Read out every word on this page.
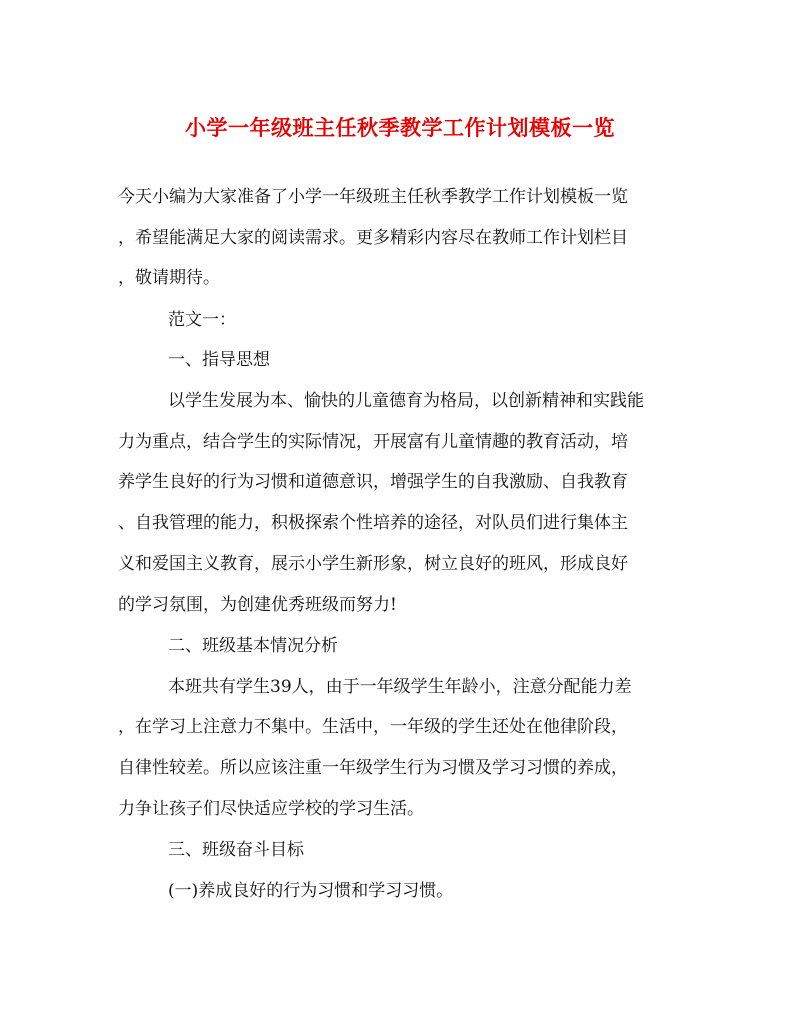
小学一年级班主任秋季教学工作计划模板一览

今天小编为大家准备了小学一年级班主任秋季教学工作计划模板一览

，希望能满足大家的阅读需求。更多精彩内容尽在教师工作计划栏目

，敬请期待。

范文一：

一、指导思想

以学生发展为本、愉快的儿童德育为格局，以创新精神和实践能

力为重点，结合学生的实际情况，开展富有儿童情趣的教育活动，培

养学生良好的行为习惯和道德意识，增强学生的自我激励、自我教育

、自我管理的能力，积极探索个性培养的途径，对队员们进行集体主

义和爱国主义教育，展示小学生新形象，树立良好的班风，形成良好

的学习氛围，为创建优秀班级而努力!

二、班级基本情况分析

本班共有学生39人，由于一年级学生年龄小，注意分配能力差

，在学习上注意力不集中。生活中，一年级的学生还处在他律阶段，

自律性较差。所以应该注重一年级学生行为习惯及学习习惯的养成，

力争让孩子们尽快适应学校的学习生活。

三、班级奋斗目标

(一)养成良好的行为习惯和学习习惯。
